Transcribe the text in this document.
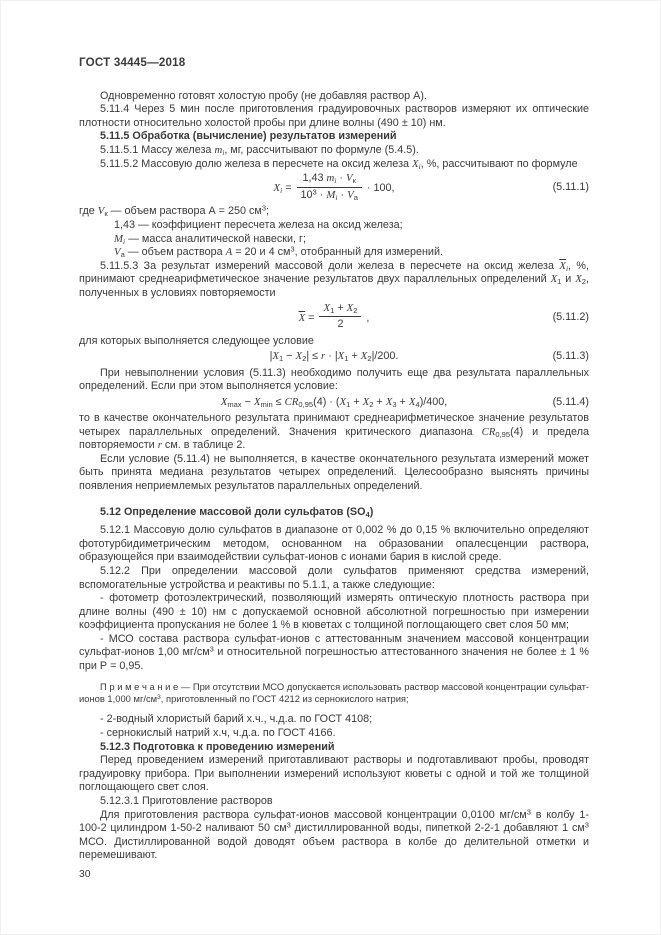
ГОСТ 34445—2018
Одновременно готовят холостую пробу (не добавляя раствор А).
5.11.4 Через 5 мин после приготовления градуировочных растворов измеряют их оптические плотности относительно холостой пробы при длине волны (490 ± 10) нм.
5.11.5 Обработка (вычисление) результатов измерений
5.11.5.1 Массу железа $m_i$, мг, рассчитывают по формуле (5.4.5).
5.11.5.2 Массовую долю железа в пересчете на оксид железа $X_i$, %, рассчитывают по формуле
$X_i = \frac{1,43 m_i \cdot V_к}{10^3 \cdot M_i \cdot V_а} \cdot 100$,	(5.11.1)
где $V_к$ — объем раствора А = 250 $см^3$;
1,43 — коэффициент пересчета железа на оксид железа;
$M_i$ — масса аналитической навески, г;
$V_а$ — объем раствора A = 20 и 4 $см^3$, отобранный для измерений.
5.11.5.3 За результат измерений массовой доли железа в пересчете на оксид железа $\overline{X}_i$, %, принимают среднеарифметическое значение результатов двух параллельных определений $X_1$ и $X_2$, полученных в условиях повторяемости
$\overline{X} = \frac{X_1 + X_2}{2}$ ,	(5.11.2)
для которых выполняется следующее условие
$|X_1 - X_2| \le r \cdot |X_1 + X_2|/200$.	(5.11.3)
При невыполнении условия (5.11.3) необходимо получить еще два результата параллельных определений. Если при этом выполняется условие:
$X_{max} - X_{min} \le CR_{0,95}(4) \cdot (X_1 + X_2 + X_3 + X_4)/400$,	(5.11.4)
то в качестве окончательного результата принимают среднеарифметическое значение результатов четырех параллельных определений. Значения критического диапазона $CR_{0,95}(4)$ и предела повторяемости r см. в таблице 2.
Если условие (5.11.4) не выполняется, в качестве окончательного результата измерений может быть принята медиана результатов четырех определений. Целесообразно выяснять причины появления неприемлемых результатов параллельных определений.
5.12 Определение массовой доли сульфатов $(SO_4)$
5.12.1 Массовую долю сульфатов в диапазоне от 0,002 % до 0,15 % включительно определяют фототурбидиметрическим методом, основанном на образовании опалесценции раствора, образующейся при взаимодействии сульфат-ионов с ионами бария в кислой среде.
5.12.2 При определении массовой доли сульфатов применяют средства измерений, вспомогательные устройства и реактивы по 5.1.1, а также следующие:
- фотометр фотоэлектрический, позволяющий измерять оптическую плотность раствора при длине волны (490 ± 10) нм с допускаемой основной абсолютной погрешностью при измерении коэффициента пропускания не более 1 % в кюветах с толщиной поглощающего свет слоя 50 мм;
- МСО состава раствора сульфат-ионов с аттестованным значением массовой концентрации сульфат-ионов 1,00 $мг/см^3$ и относительной погрешностью аттестованного значения не более ± 1 % при Р = 0,95.
П р и м е ч а н и е — При отсутствии МСО допускается использовать раствор массовой концентрации сульфат-ионов 1,000 $мг/см^3$, приготовленный по ГОСТ 4212 из сернокислого натрия;
- 2-водный хлористый барий х.ч., ч.д.а. по ГОСТ 4108;
- сернокислый натрий х.ч, ч.д.а. по ГОСТ 4166.
5.12.3 Подготовка к проведению измерений
Перед проведением измерений приготавливают растворы и подготавливают пробы, проводят градуировку прибора. При выполнении измерений используют кюветы с одной и той же толщиной поглощающего свет слоя.
5.12.3.1 Приготовление растворов
Для приготовления раствора сульфат-ионов массовой концентрации 0,0100 $мг/см^3$ в колбу 1-100-2 цилиндром 1-50-2 наливают 50 $см^3$ дистиллированной воды, пипеткой 2-2-1 добавляют 1 $см^3$ МСО. Дистиллированной водой доводят объем раствора в колбе до делительной отметки и перемешивают.
30
